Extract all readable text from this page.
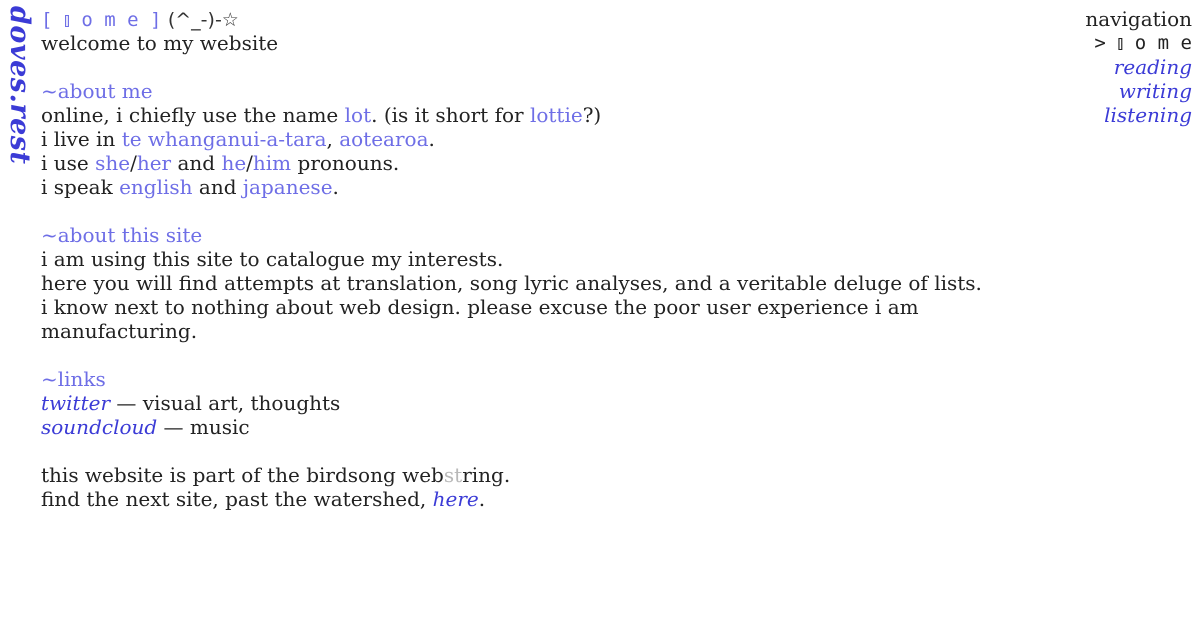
doves.rest [ ⫾ o m e ] (^_-)-☆
welcome to my website
~about me
online, i chiefly use the name lot. (is it short for lottie?)
i live in te whanganui-a-tara, aotearoa.
i use she/her and he/him pronouns.
i speak english and japanese.
~about this site
i am using this site to catalogue my interests.
here you will find attempts at translation, song lyric analyses, and a veritable deluge of lists.
i know next to nothing about web design. please excuse the poor user experience i am
manufacturing.
~links
twitter — visual art, thoughts
soundcloud — music
this website is part of the birdsong webstring.
find the next site, past the watershed, here.
navigation
> ⫾ o m e
reading
writing
listening
